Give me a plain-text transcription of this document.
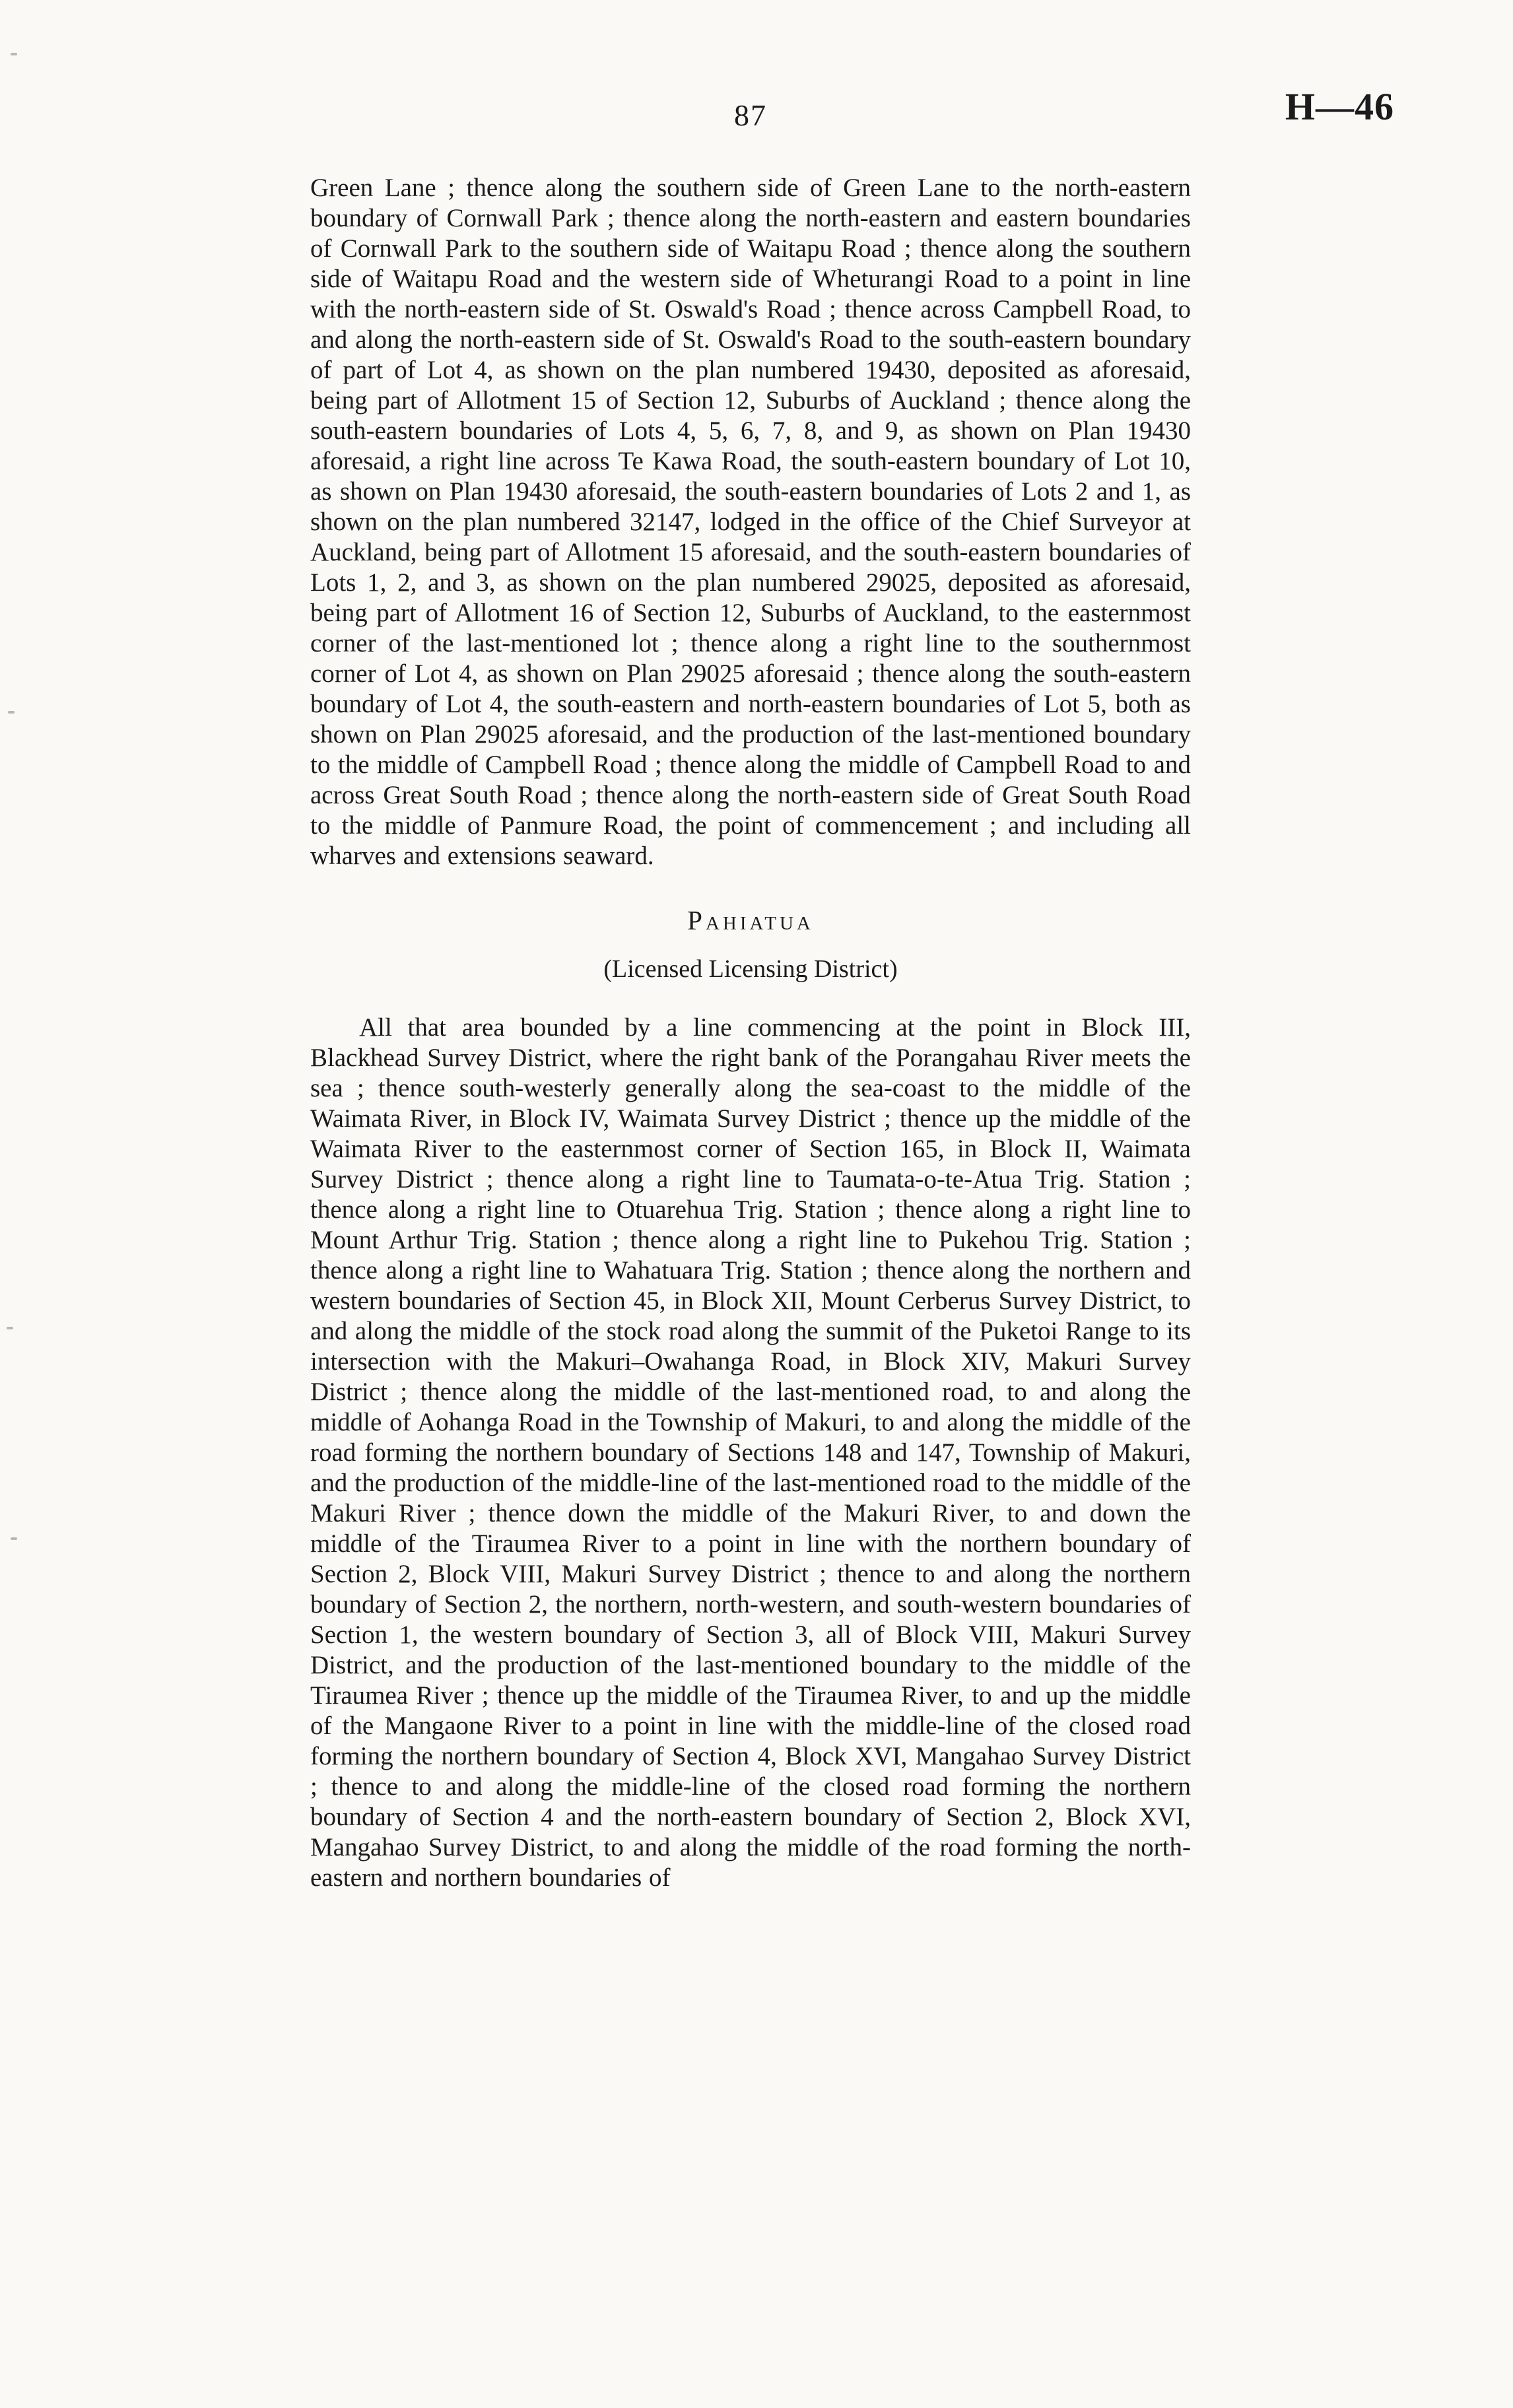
87	H—46

Green Lane ; thence along the southern side of Green Lane to the north-eastern boundary of Cornwall Park ; thence along the north-eastern and eastern boundaries of Cornwall Park to the southern side of Waitapu Road ; thence along the southern side of Waitapu Road and the western side of Wheturangi Road to a point in line with the north-eastern side of St. Oswald's Road ; thence across Campbell Road, to and along the north-eastern side of St. Oswald's Road to the south-eastern boundary of part of Lot 4, as shown on the plan numbered 19430, deposited as aforesaid, being part of Allotment 15 of Section 12, Suburbs of Auckland ; thence along the south-eastern boundaries of Lots 4, 5, 6, 7, 8, and 9, as shown on Plan 19430 aforesaid, a right line across Te Kawa Road, the south-eastern boundary of Lot 10, as shown on Plan 19430 aforesaid, the south-eastern boundaries of Lots 2 and 1, as shown on the plan numbered 32147, lodged in the office of the Chief Surveyor at Auckland, being part of Allotment 15 aforesaid, and the south-eastern boundaries of Lots 1, 2, and 3, as shown on the plan numbered 29025, deposited as aforesaid, being part of Allotment 16 of Section 12, Suburbs of Auckland, to the easternmost corner of the last-mentioned lot ; thence along a right line to the southernmost corner of Lot 4, as shown on Plan 29025 aforesaid ; thence along the south-eastern boundary of Lot 4, the south-eastern and north-eastern boundaries of Lot 5, both as shown on Plan 29025 aforesaid, and the production of the last-mentioned boundary to the middle of Campbell Road ; thence along the middle of Campbell Road to and across Great South Road ; thence along the north-eastern side of Great South Road to the middle of Panmure Road, the point of commencement ; and including all wharves and extensions seaward.

Pahiatua
(Licensed Licensing District)

All that area bounded by a line commencing at the point in Block III, Blackhead Survey District, where the right bank of the Porangahau River meets the sea ; thence south-westerly generally along the sea-coast to the middle of the Waimata River, in Block IV, Waimata Survey District ; thence up the middle of the Waimata River to the easternmost corner of Section 165, in Block II, Waimata Survey District ; thence along a right line to Taumata-o-te-Atua Trig. Station ; thence along a right line to Otuarehua Trig. Station ; thence along a right line to Mount Arthur Trig. Station ; thence along a right line to Pukehou Trig. Station ; thence along a right line to Wahatuara Trig. Station ; thence along the northern and western boundaries of Section 45, in Block XII, Mount Cerberus Survey District, to and along the middle of the stock road along the summit of the Puketoi Range to its intersection with the Makuri–Owahanga Road, in Block XIV, Makuri Survey District ; thence along the middle of the last-mentioned road, to and along the middle of Aohanga Road in the Township of Makuri, to and along the middle of the road forming the northern boundary of Sections 148 and 147, Township of Makuri, and the production of the middle-line of the last-mentioned road to the middle of the Makuri River ; thence down the middle of the Makuri River, to and down the middle of the Tiraumea River to a point in line with the northern boundary of Section 2, Block VIII, Makuri Survey District ; thence to and along the northern boundary of Section 2, the northern, north-western, and south-western boundaries of Section 1, the western boundary of Section 3, all of Block VIII, Makuri Survey District, and the production of the last-mentioned boundary to the middle of the Tiraumea River ; thence up the middle of the Tiraumea River, to and up the middle of the Mangaone River to a point in line with the middle-line of the closed road forming the northern boundary of Section 4, Block XVI, Mangahao Survey District ; thence to and along the middle-line of the closed road forming the northern boundary of Section 4 and the north-eastern boundary of Section 2, Block XVI, Mangahao Survey District, to and along the middle of the road forming the north-eastern and northern boundaries of
